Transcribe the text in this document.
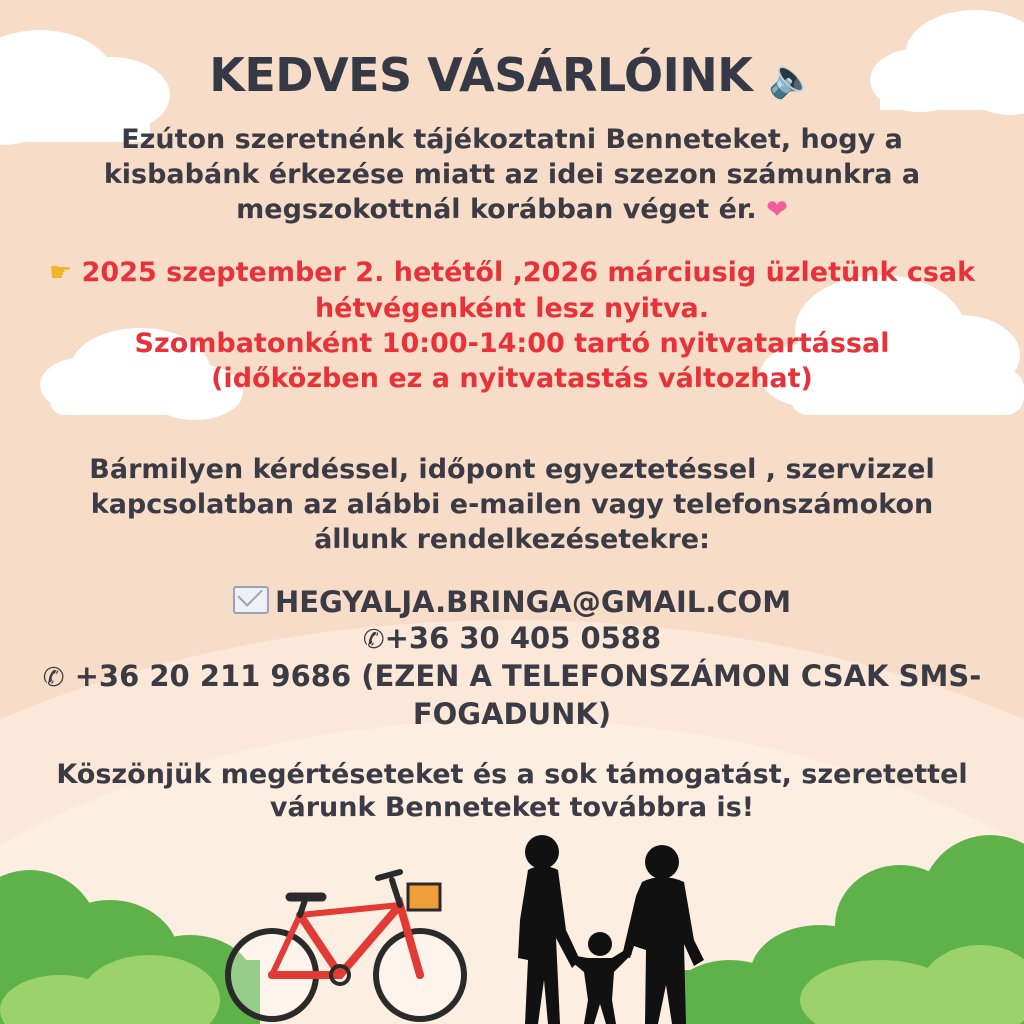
KEDVES VÁSÁRLÓINK 🔈
Ezúton szeretnénk tájékoztatni Benneteket, hogy a
kisbabánk érkezése miatt az idei szezon számunkra a
megszokottnál korábban véget ér. ❤
☛ 2025 szeptember 2. hetétől ,2026 márciusig üzletünk csak
hétvégenként lesz nyitva.
Szombatonként 10:00-14:00 tartó nyitvatartással
(időközben ez a nyitvatastás változhat)
Bármilyen kérdéssel, időpont egyeztetéssel , szervizzel
kapcsolatban az alábbi e-mailen vagy telefonszámokon
állunk rendelkezésetekre:
HEGYALJA.BRINGA@GMAIL.COM
✆+36 30 405 0588
✆ +36 20 211 9686 (EZEN A TELEFONSZÁMON CSAK SMS-
FOGADUNK)
Köszönjük megértéseteket és a sok támogatást, szeretettel
várunk Benneteket továbbra is!
